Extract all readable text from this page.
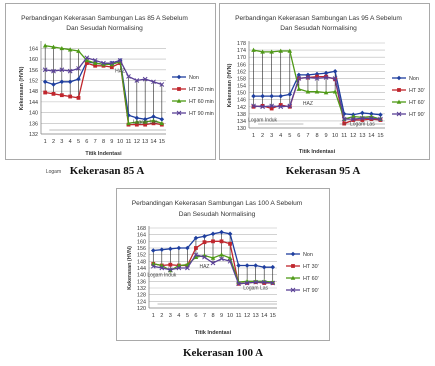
Perbandingan Kekerasan Sambungan Las 85 A Sebelum
Dan Sesudah Normalising
132
136
140
144
148
152
156
160
164
1 2 3 4 5 6 7 8 9 10 11 12 13 14 15
Titik Indentasi
Kekerasan (HVN)
Logam
HAZ
Logam Las
Non
HT 30 min
HT 60 min
HT 90 min
Kekerasan 85 A
Perbandingan Kekerasan Sambungan Las 95 A Sebelum
Dan Sesudah Normalising
130
134
138
142
146
150
154
158
162
166
170
174
178
1 2 3 4 5 6 7 8 9 10 11 12 13 14 15
Titik Indentasi
Kekerasan (HVN)
Logam Induk
HAZ
Logam Las
Non
HT 30'
HT 60'
HT 90'
Kekerasan 95 A
Perbandingan Kekerasan Sambungan Las 100 A Sebelum
Dan Sesudah Normalising
120
124
128
132
136
140
144
148
152
156
160
164
168
1 2 3 4 5 6 7 8 9 10 11 12 13 14 15
Titik Indentasi
Kekerasan (HVN)	Logam Induk
HAZ
Logam Las
Non
HT 30'
HT 60'
HT 90'
Kekerasan 100 A
